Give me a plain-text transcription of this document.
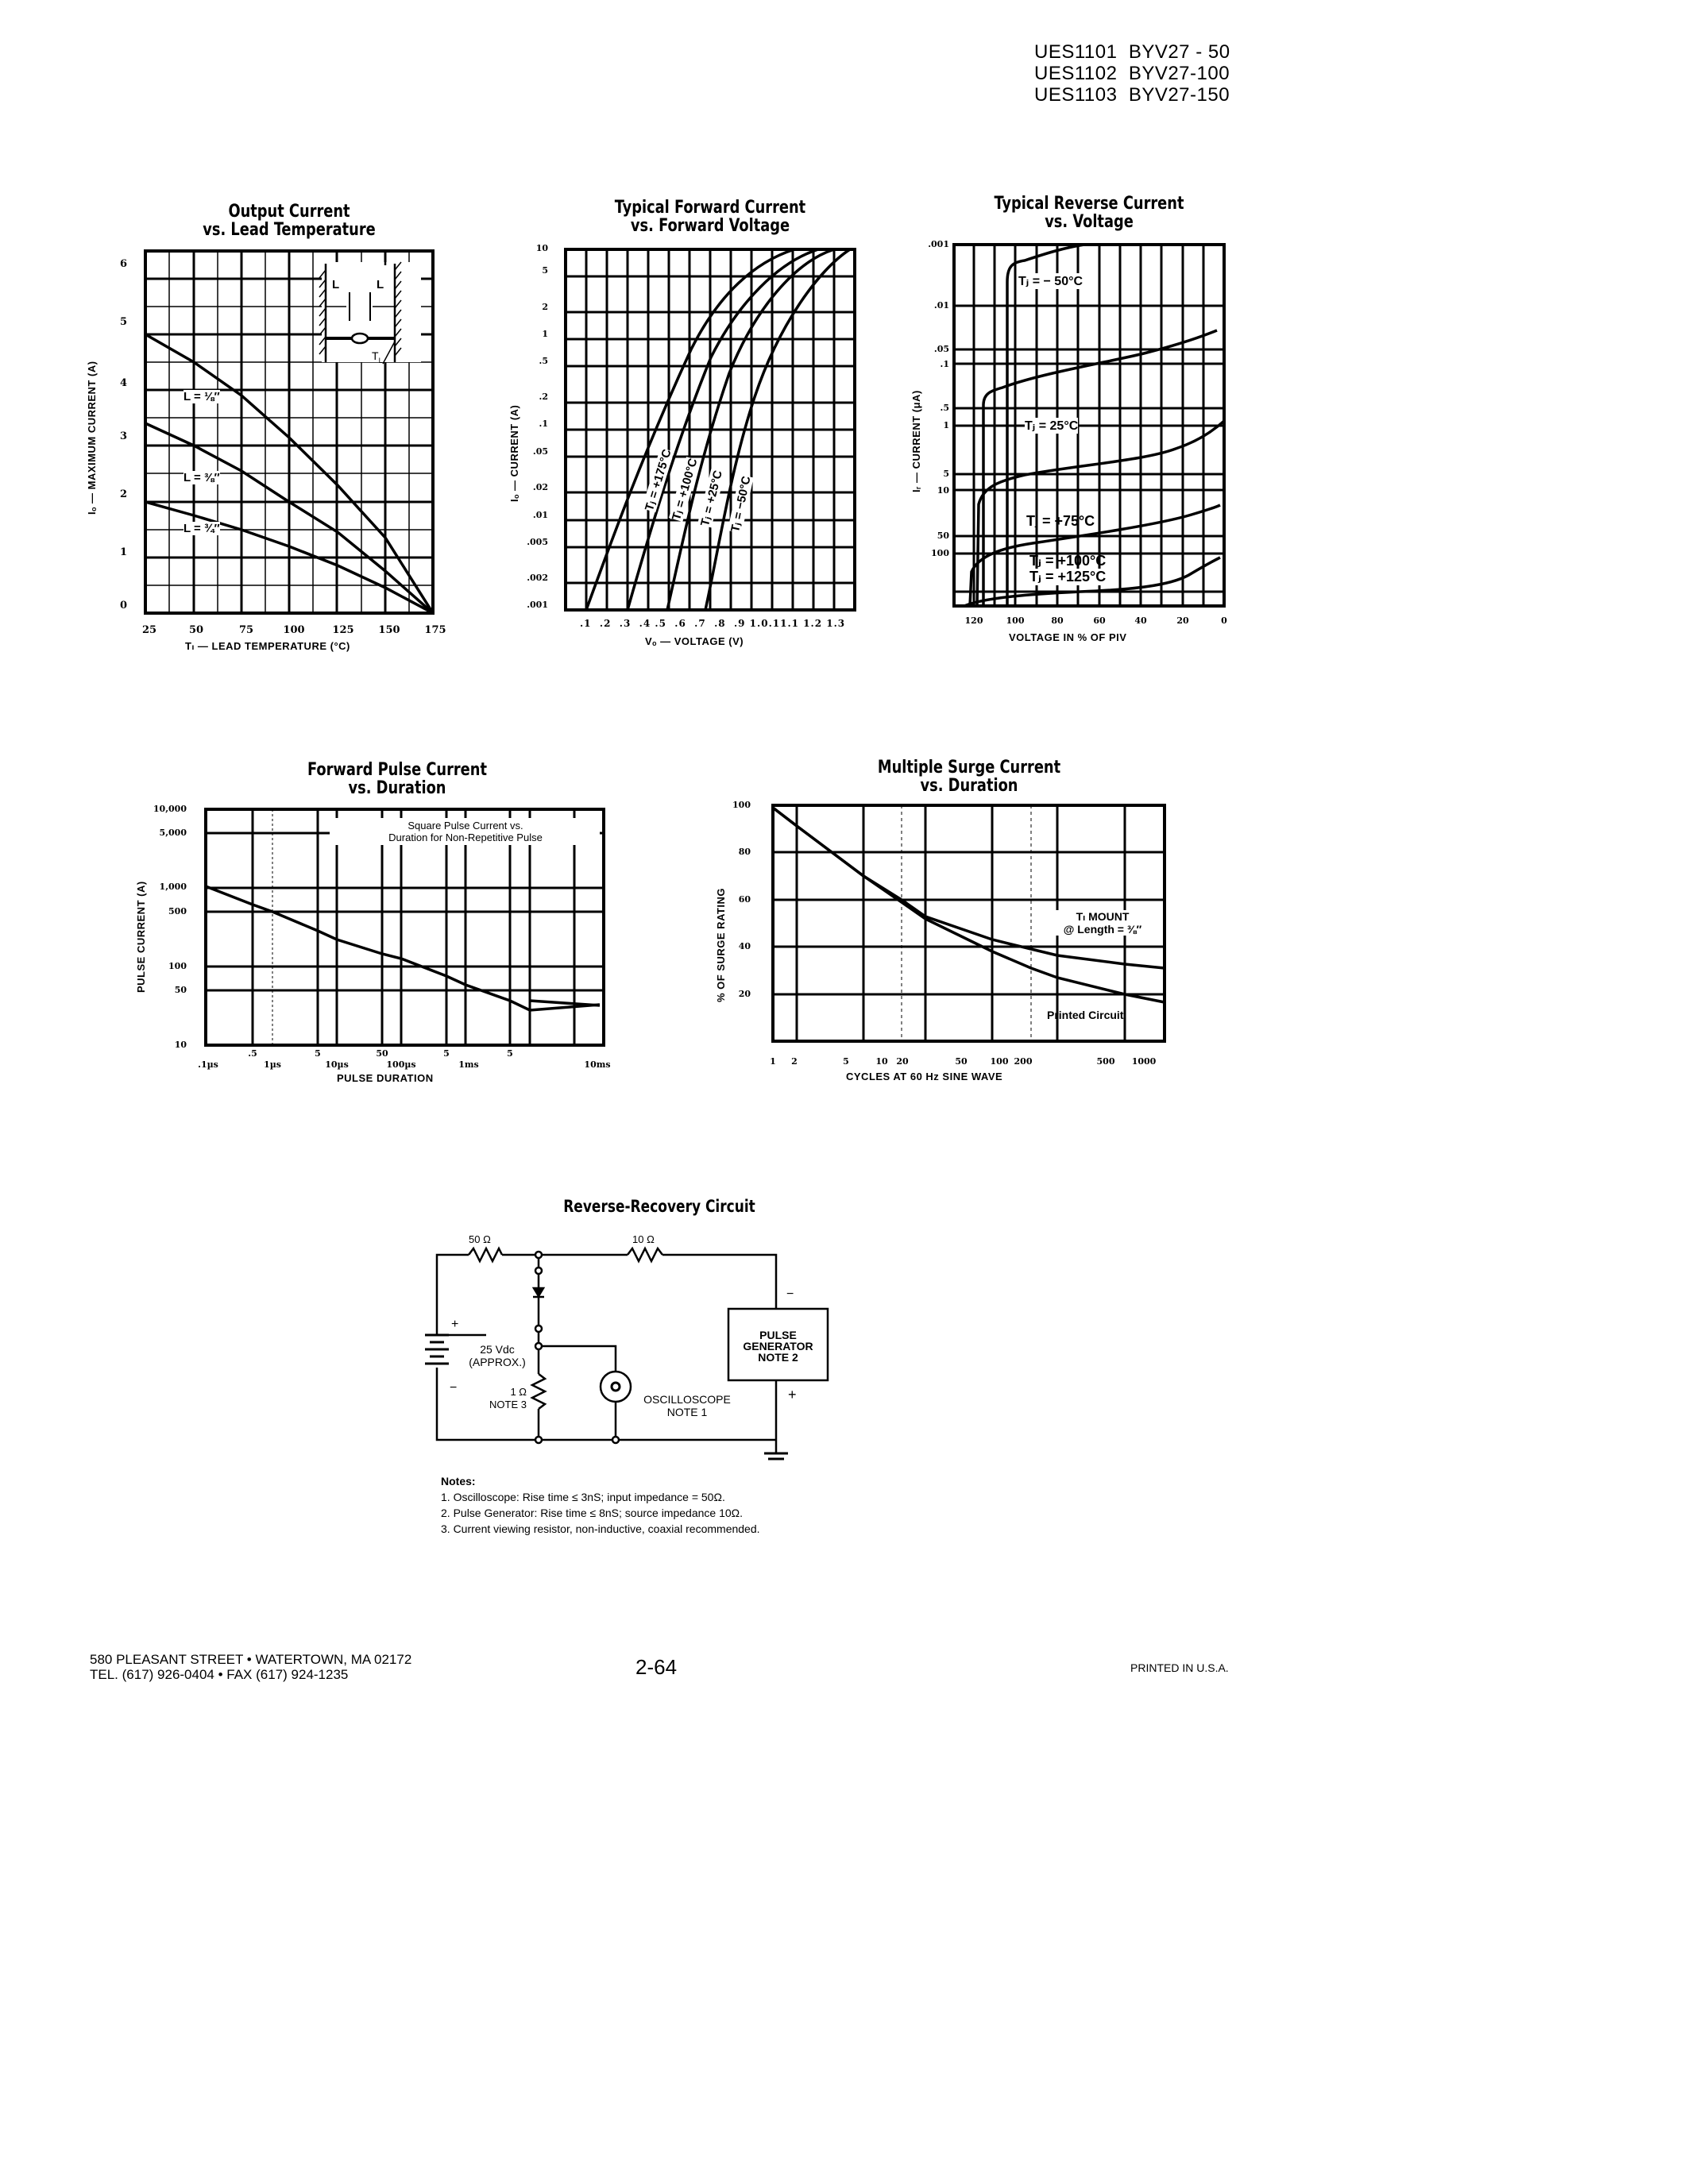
UES1101 BYV27 - 50
UES1102 BYV27-100
UES1103 BYV27-150
Output Current
vs. Lead Temperature
L = ⅛″
L = ⅜″
L = ¾″
L	L
$T_L$
6
5
4
3
2
1
0
25	50	75	100	125	150	175
Tₗ — LEAD TEMPERATURE (°C)
Iₒ — MAXIMUM CURRENT (A)
Typical Forward Current
vs. Forward Voltage
Tⱼ = +175°C
Tⱼ = +100°C
Tⱼ = +25°C Tⱼ = −50°C
10
5
2
1
.5
.2
.1
.05
.02
.01
.005
.002
.001
.1 .2 .3 .4 .5 .6 .7 .8 .9 1.0.11.1 1.2 1.3
Vₒ — VOLTAGE (V)
Iₒ — CURRENT (A)
Typical Reverse Current
vs. Voltage
Tⱼ = − 50°C
Tⱼ = 25°C
Tⱼ = +75°C
Tⱼ = +100°C
Tⱼ = +125°C
.001
.01
.05
.1
.5
1
5
10
50
100
120	100	80	60	40	20	0
VOLTAGE IN % OF PIV
Iᵣ — CURRENT (μA)
Forward Pulse Current
vs. Duration
Square Pulse Current vs.
Duration for Non-Repetitive Pulse
10,000
5,000
1,000
500
100
50
10
.5	5	50	5	5
.1µs	1µs	10µs	100µs	1ms	10ms
PULSE DURATION
PULSE CURRENT (A)
Multiple Surge Current
vs. Duration
Tₗ MOUNT
@ Length = ⅜″
Printed Circuit
100
80
60
40
20
1	2	5	10 20	50	100 200	500	1000
CYCLES AT 60 Hz SINE WAVE
% OF SURGE RATING
Reverse-Recovery Circuit
50 Ω	10 Ω
+
−
25 Vdc
(APPROX.)
1 Ω
NOTE 3	OSCILLOSCOPE
NOTE 1
PULSE
GENERATOR
NOTE 2
−
+
Notes:
1. Oscilloscope: Rise time ≤ 3nS; input impedance = 50Ω.
2. Pulse Generator: Rise time ≤ 8nS; source impedance 10Ω.
3. Current viewing resistor, non-inductive, coaxial recommended.
580 PLEASANT STREET • WATERTOWN, MA 02172
TEL. (617) 926-0404 • FAX (617) 924-1235	2-64	PRINTED IN U.S.A.
